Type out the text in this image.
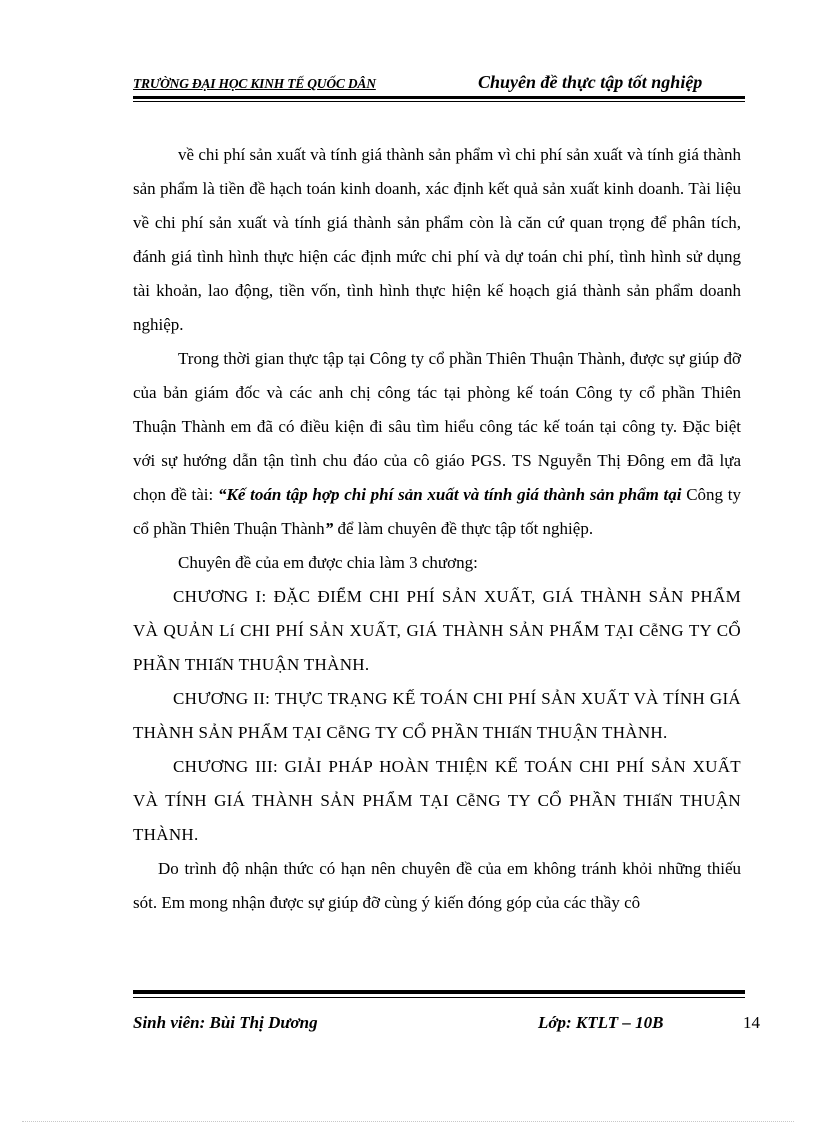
TRƯỜNG ĐẠI HỌC KINH TẾ QUỐC DÂN	Chuyên đề thực tập tốt nghiệp

về chi phí sản xuất và tính giá thành sản phẩm vì chi phí sản xuất và tính giá thành sản phẩm là tiền đề hạch toán kinh doanh, xác định kết quả sản xuất kinh doanh. Tài liệu về chi phí sản xuất và tính giá thành sản phẩm còn là căn cứ quan trọng để phân tích, đánh giá tình hình thực hiện các định mức chi phí và dự toán chi phí, tình hình sử dụng tài khoản, lao động, tiền vốn, tình hình thực hiện kế hoạch giá thành sản phẩm doanh nghiệp.

Trong thời gian thực tập tại Công ty cổ phần Thiên Thuận Thành, được sự giúp đỡ của bản giám đốc và các anh chị công tác tại phòng kế toán Công ty cổ phần Thiên Thuận Thành em đã có điều kiện đi sâu tìm hiểu công tác kế toán tại công ty. Đặc biệt với sự hướng dẫn tận tình chu đáo của cô giáo PGS. TS Nguyễn Thị Đông em đã lựa chọn đề tài: “Kế toán tập hợp chi phí sản xuất và tính giá thành sản phẩm tại Công ty cổ phần Thiên Thuận Thành” để làm chuyên đề thực tập tốt nghiệp.

Chuyên đề của em được chia làm 3 chương:

CHƯƠNG I: ĐẶC ĐIỂM CHI PHÍ SẢN XUẤT, GIÁ THÀNH SẢN PHẨM VÀ QUẢN Lí CHI PHÍ SẢN XUẤT, GIÁ THÀNH SẢN PHẨM TẠI CễNG TY CỔ PHẦN THIấN THUẬN THÀNH.

CHƯƠNG II: THỰC TRẠNG KẾ TOÁN CHI PHÍ SẢN XUẤT VÀ TÍNH GIÁ THÀNH SẢN PHẨM TẠI CễNG TY CỔ PHẦN THIấN THUẬN THÀNH.

CHƯƠNG III: GIẢI PHÁP HOÀN THIỆN KẾ TOÁN CHI PHÍ SẢN XUẤT VÀ TÍNH GIÁ THÀNH SẢN PHẨM TẠI CễNG TY CỔ PHẦN THIấN THUẬN THÀNH.

Do trình độ nhận thức có hạn nên chuyên đề của em không tránh khỏi những thiếu sót. Em mong nhận được sự giúp đỡ cùng ý kiến đóng góp của các thầy cô

Sinh viên: Bùi Thị Dương	Lớp: KTLT – 10B	14
